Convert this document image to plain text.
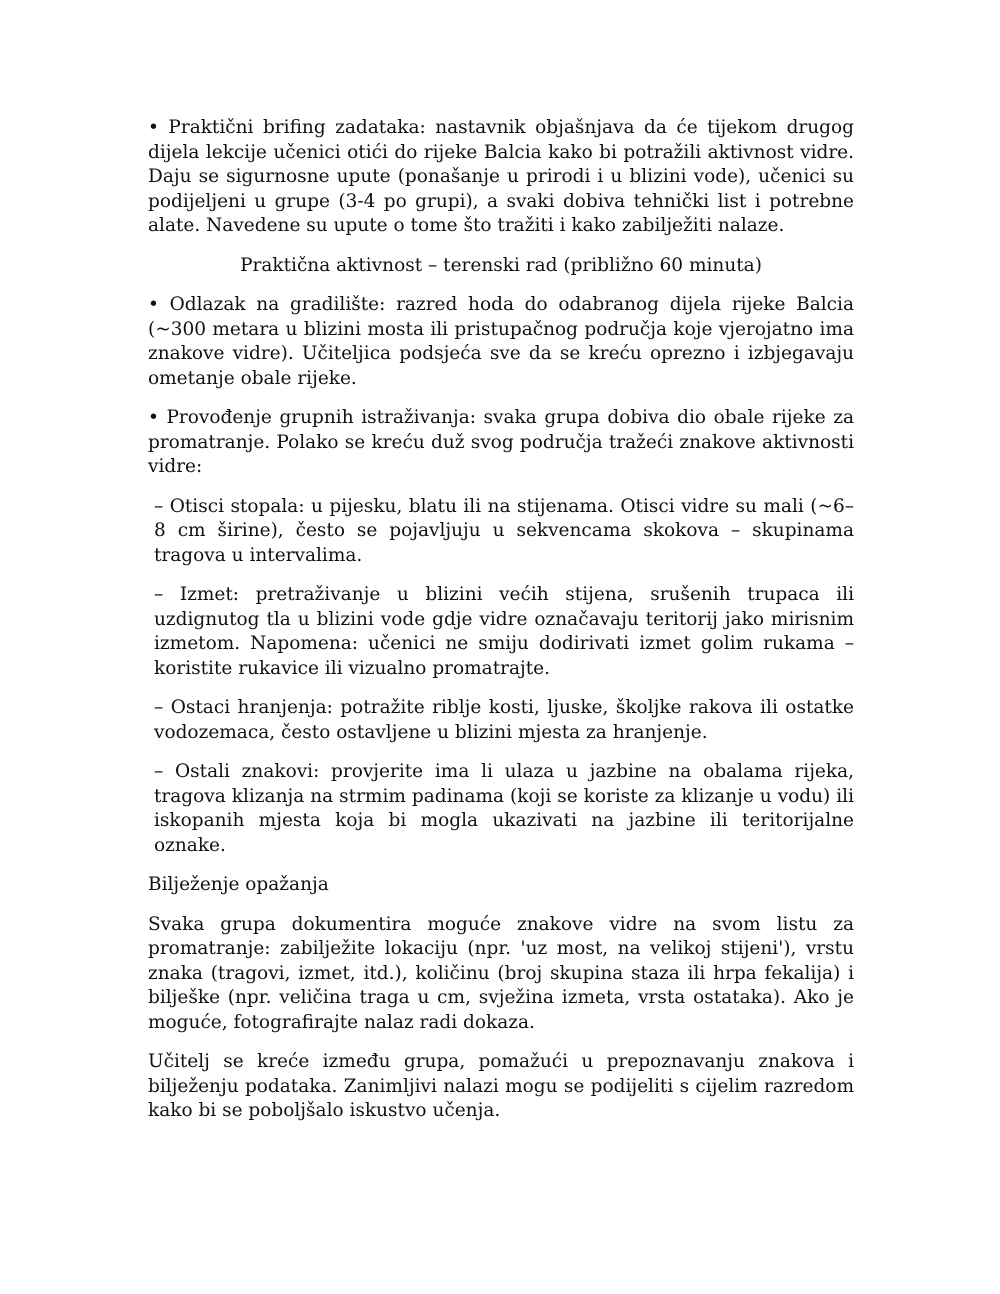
• Praktični brifing zadataka: nastavnik objašnjava da će tijekom drugog dijela lekcije učenici otići do rijeke Balcia kako bi potražili aktivnost vidre. Daju se sigurnosne upute (ponašanje u prirodi i u blizini vode), učenici su podijeljeni u grupe (3-4 po grupi), a svaki dobiva tehnički list i potrebne alate. Navedene su upute o tome što tražiti i kako zabilježiti nalaze.

Praktična aktivnost – terenski rad (približno 60 minuta)

• Odlazak na gradilište: razred hoda do odabranog dijela rijeke Balcia (~300 metara u blizini mosta ili pristupačnog područja koje vjerojatno ima znakove vidre). Učiteljica podsjeća sve da se kreću oprezno i izbjegavaju ometanje obale rijeke.

• Provođenje grupnih istraživanja: svaka grupa dobiva dio obale rijeke za promatranje. Polako se kreću duž svog područja tražeći znakove aktivnosti vidre:

– Otisci stopala: u pijesku, blatu ili na stijenama. Otisci vidre su mali (~6–8 cm širine), često se pojavljuju u sekvencama skokova – skupinama tragova u intervalima.

– Izmet: pretraživanje u blizini većih stijena, srušenih trupaca ili uzdignutog tla u blizini vode gdje vidre označavaju teritorij jako mirisnim izmetom. Napomena: učenici ne smiju dodirivati izmet golim rukama – koristite rukavice ili vizualno promatrajte.

– Ostaci hranjenja: potražite riblje kosti, ljuske, školjke rakova ili ostatke vodozemaca, često ostavljene u blizini mjesta za hranjenje.

– Ostali znakovi: provjerite ima li ulaza u jazbine na obalama rijeka, tragova klizanja na strmim padinama (koji se koriste za klizanje u vodu) ili iskopanih mjesta koja bi mogla ukazivati na jazbine ili teritorijalne oznake.

Bilježenje opažanja

Svaka grupa dokumentira moguće znakove vidre na svom listu za promatranje: zabilježite lokaciju (npr. 'uz most, na velikoj stijeni'), vrstu znaka (tragovi, izmet, itd.), količinu (broj skupina staza ili hrpa fekalija) i bilješke (npr. veličina traga u cm, svježina izmeta, vrsta ostataka). Ako je moguće, fotografirajte nalaz radi dokaza.

Učitelj se kreće između grupa, pomažući u prepoznavanju znakova i bilježenju podataka. Zanimljivi nalazi mogu se podijeliti s cijelim razredom kako bi se poboljšalo iskustvo učenja.
